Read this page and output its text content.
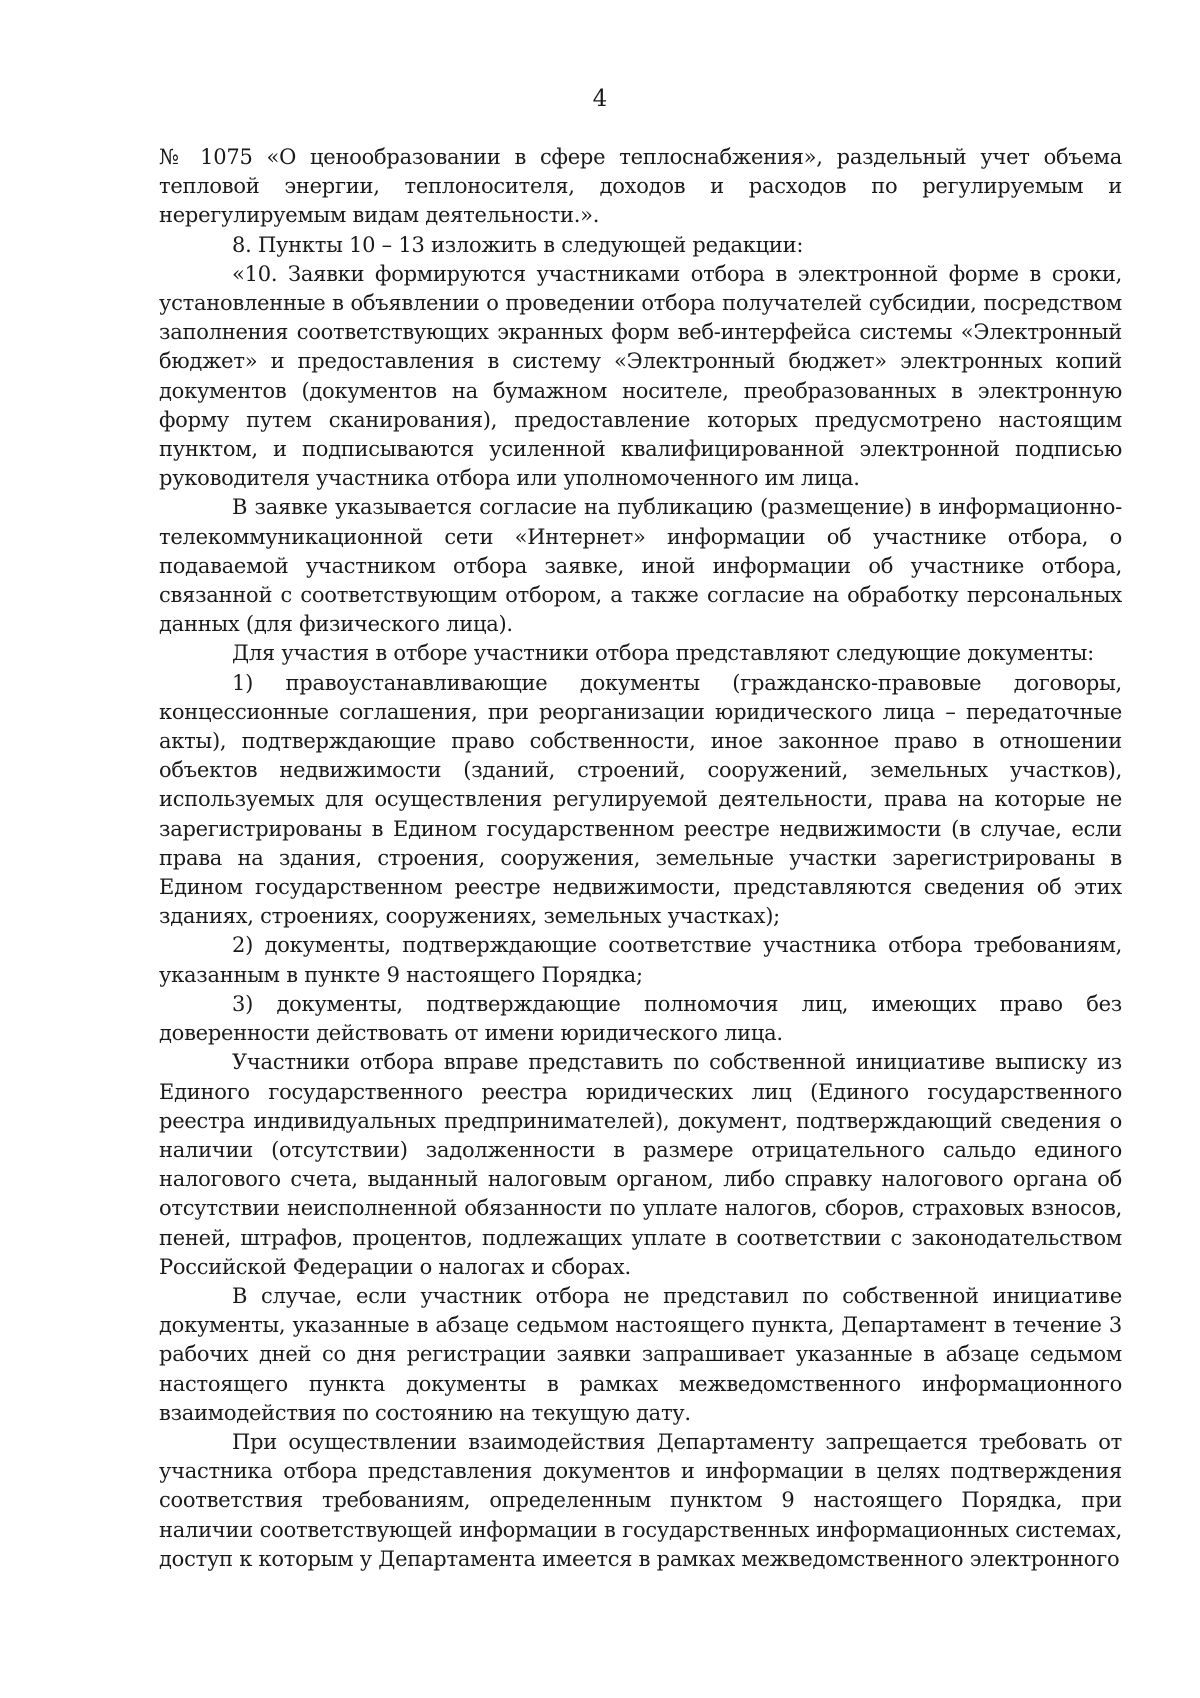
4

№ 1075 «О ценообразовании в сфере теплоснабжения», раздельный учет объема тепловой энергии, теплоносителя, доходов и расходов по регулируемым и нерегулируемым видам деятельности.».

8. Пункты 10 – 13 изложить в следующей редакции:

«10. Заявки формируются участниками отбора в электронной форме в сроки, установленные в объявлении о проведении отбора получателей субсидии, посредством заполнения соответствующих экранных форм веб-интерфейса системы «Электронный бюджет» и предоставления в систему «Электронный бюджет» электронных копий документов (документов на бумажном носителе, преобразованных в электронную форму путем сканирования), предоставление которых предусмотрено настоящим пунктом, и подписываются усиленной квалифицированной электронной подписью руководителя участника отбора или уполномоченного им лица.

В заявке указывается согласие на публикацию (размещение) в информационно-телекоммуникационной сети «Интернет» информации об участнике отбора, о подаваемой участником отбора заявке, иной информации об участнике отбора, связанной с соответствующим отбором, а также согласие на обработку персональных данных (для физического лица).

Для участия в отборе участники отбора представляют следующие документы:

1) правоустанавливающие документы (гражданско-правовые договоры, концессионные соглашения, при реорганизации юридического лица – передаточные акты), подтверждающие право собственности, иное законное право в отношении объектов недвижимости (зданий, строений, сооружений, земельных участков), используемых для осуществления регулируемой деятельности, права на которые не зарегистрированы в Едином государственном реестре недвижимости (в случае, если права на здания, строения, сооружения, земельные участки зарегистрированы в Едином государственном реестре недвижимости, представляются сведения об этих зданиях, строениях, сооружениях, земельных участках);

2) документы, подтверждающие соответствие участника отбора требованиям, указанным в пункте 9 настоящего Порядка;

3) документы, подтверждающие полномочия лиц, имеющих право без доверенности действовать от имени юридического лица.

Участники отбора вправе представить по собственной инициативе выписку из Единого государственного реестра юридических лиц (Единого государственного реестра индивидуальных предпринимателей), документ, подтверждающий сведения о наличии (отсутствии) задолженности в размере отрицательного сальдо единого налогового счета, выданный налоговым органом, либо справку налогового органа об отсутствии неисполненной обязанности по уплате налогов, сборов, страховых взносов, пеней, штрафов, процентов, подлежащих уплате в соответствии с законодательством Российской Федерации о налогах и сборах.

В случае, если участник отбора не представил по собственной инициативе документы, указанные в абзаце седьмом настоящего пункта, Департамент в течение 3 рабочих дней со дня регистрации заявки запрашивает указанные в абзаце седьмом настоящего пункта документы в рамках межведомственного информационного взаимодействия по состоянию на текущую дату.

При осуществлении взаимодействия Департаменту запрещается требовать от участника отбора представления документов и информации в целях подтверждения соответствия требованиям, определенным пунктом 9 настоящего Порядка, при наличии соответствующей информации в государственных информационных системах, доступ к которым у Департамента имеется в рамках межведомственного электронного
